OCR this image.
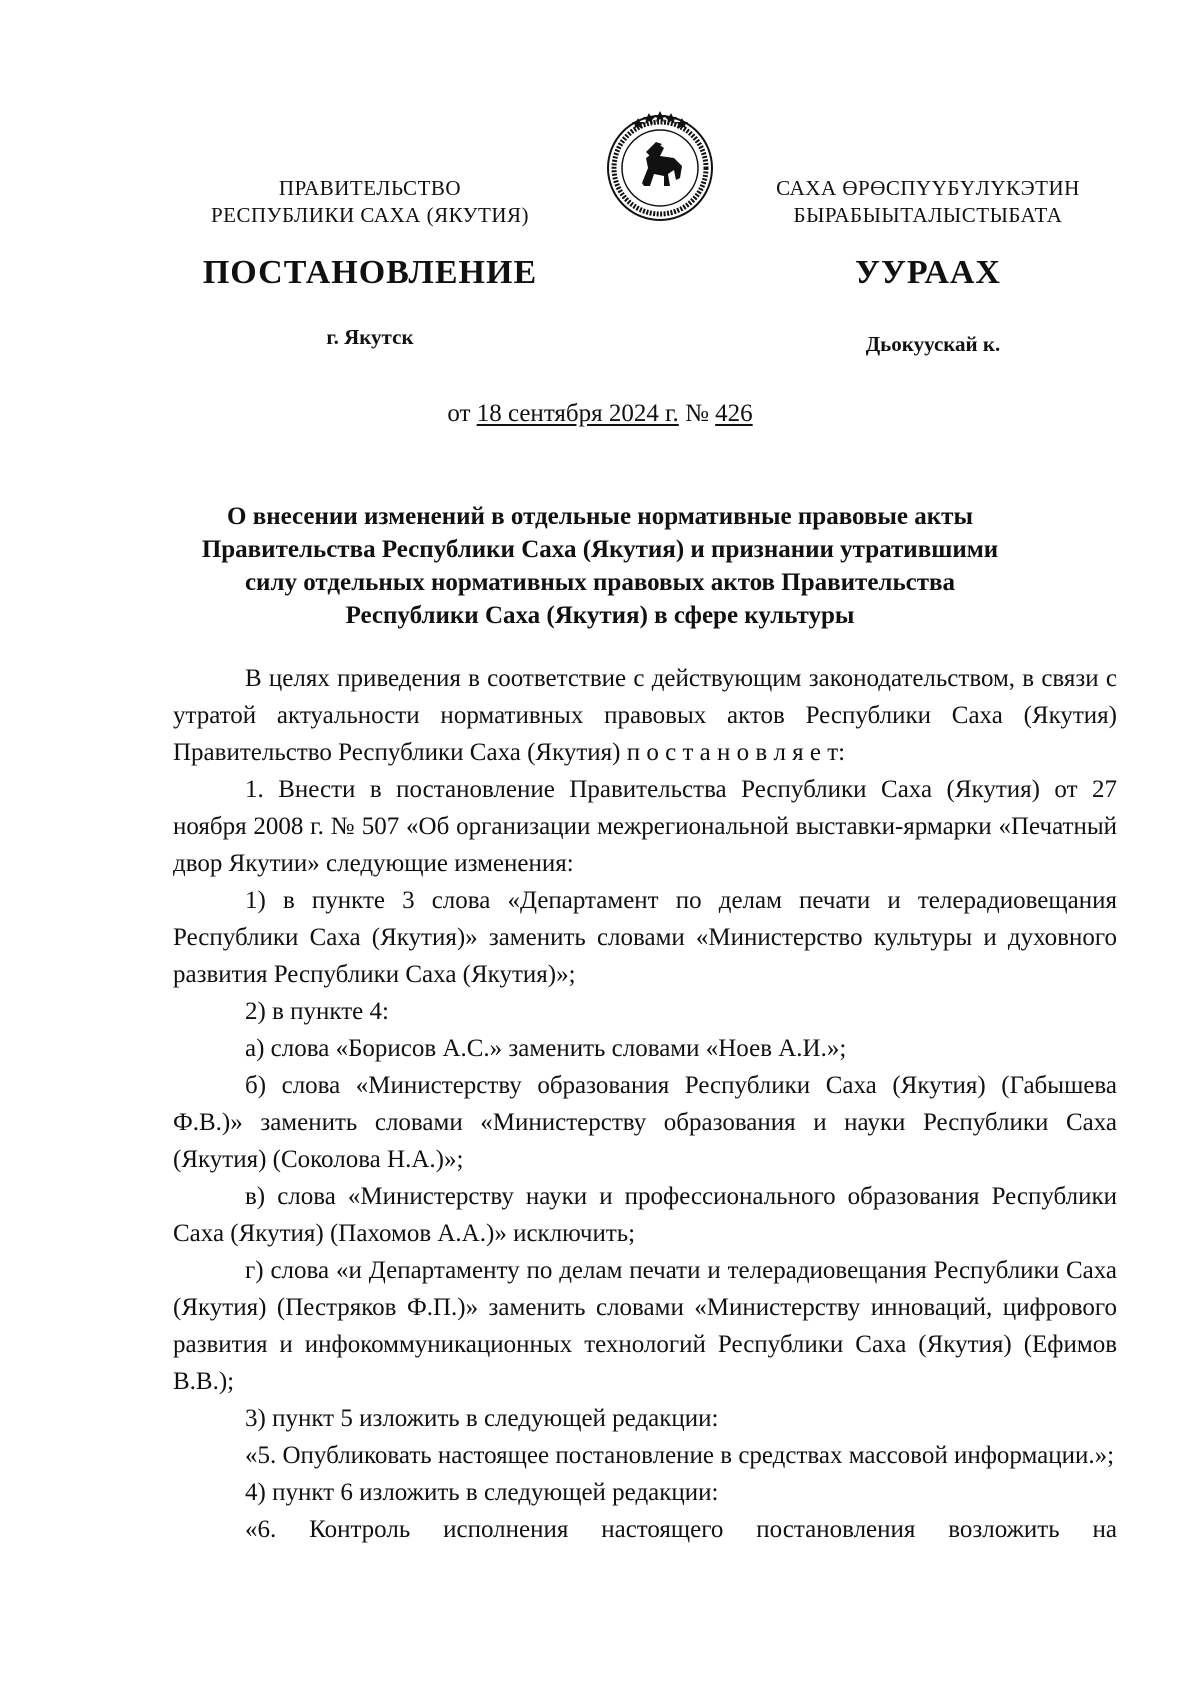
ПРАВИТЕЛЬСТВО
РЕСПУБЛИКИ САХА (ЯКУТИЯ)
САХА ӨРӨСПҮҮБҮЛҮКЭТИН
БЫРАБЫЫТАЛЫСТЫБАТА
ПОСТАНОВЛЕНИЕ	УУРААХ
г. Якутск	Дьокуускай к.
от 18 сентября 2024 г. № 426
О внесении изменений в отдельные нормативные правовые акты
Правительства Республики Саха (Якутия) и признании утратившими
силу отдельных нормативных правовых актов Правительства
Республики Саха (Якутия) в сфере культуры

В целях приведения в соответствие с действующим законодательством, в связи с утратой актуальности нормативных правовых актов Республики Саха (Якутия) Правительство Республики Саха (Якутия) п о с т а н о в л я е т:

1. Внести в постановление Правительства Республики Саха (Якутия) от 27 ноября 2008 г. № 507 «Об организации межрегиональной выставки-ярмарки «Печатный двор Якутии» следующие изменения:

1) в пункте 3 слова «Департамент по делам печати и телерадиовещания Республики Саха (Якутия)» заменить словами «Министерство культуры и духовного развития Республики Саха (Якутия)»;

2) в пункте 4:

а) слова «Борисов А.С.» заменить словами «Ноев А.И.»;

б) слова «Министерству образования Республики Саха (Якутия) (Габышева Ф.В.)» заменить словами «Министерству образования и науки Республики Саха (Якутия) (Соколова Н.А.)»;

в) слова «Министерству науки и профессионального образования Республики Саха (Якутия) (Пахомов А.А.)» исключить;

г) слова «и Департаменту по делам печати и телерадиовещания Республики Саха (Якутия) (Пестряков Ф.П.)» заменить словами «Министерству инноваций, цифрового развития и инфокоммуникационных технологий Республики Саха (Якутия) (Ефимов В.В.);

3) пункт 5 изложить в следующей редакции:

«5. Опубликовать настоящее постановление в средствах массовой информации.»;

4) пункт 6 изложить в следующей редакции:

«6. Контроль исполнения настоящего постановления возложить на
